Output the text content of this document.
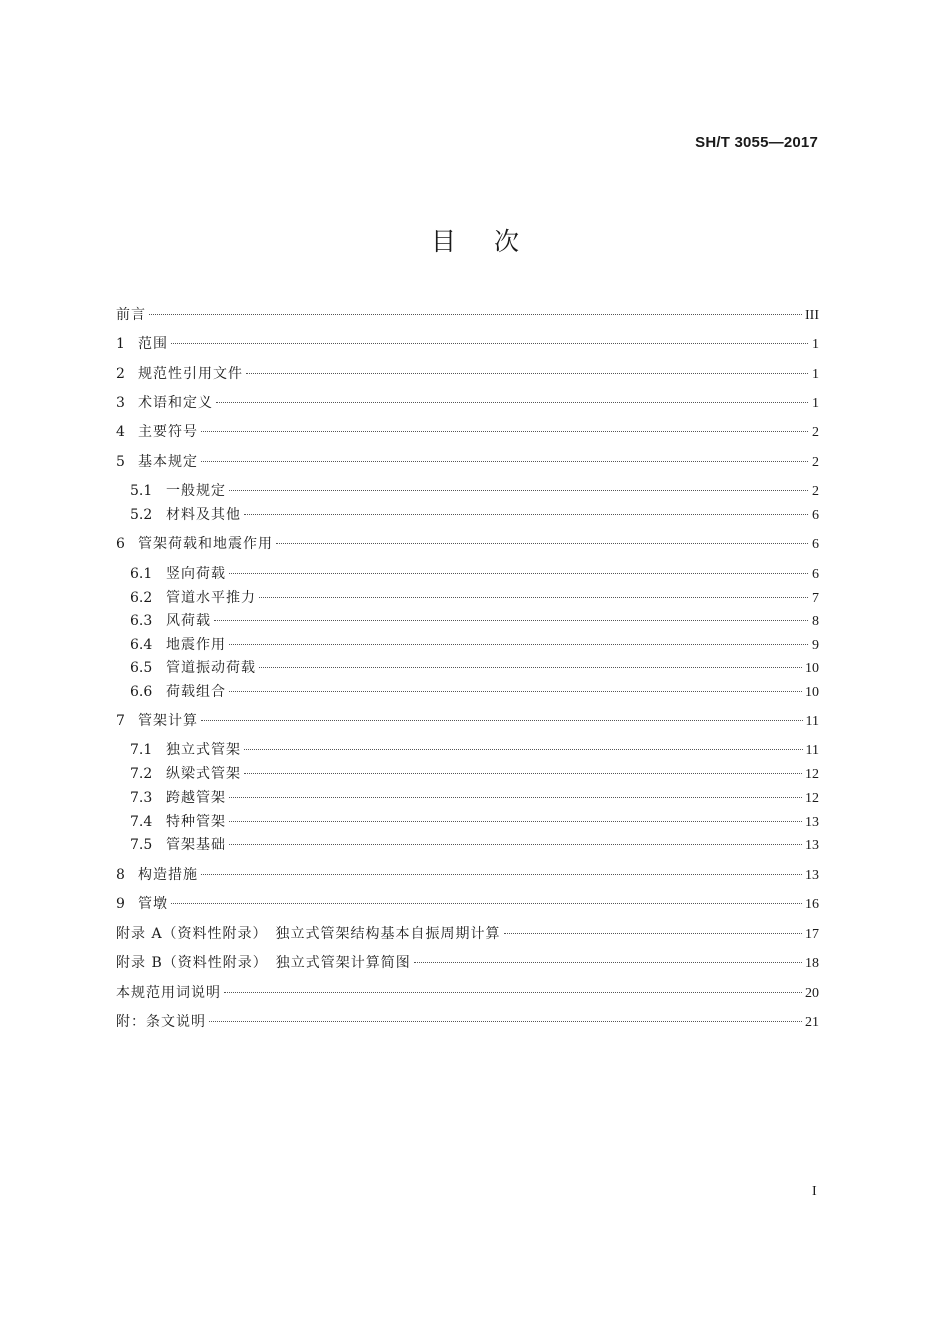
SH/T 3055—2017
目次
前言	III
1 范围	1
2 规范性引用文件	1
3 术语和定义	1
4 主要符号	2
5 基本规定	2
5.1 一般规定	2
5.2 材料及其他	6
6 管架荷载和地震作用	6
6.1 竖向荷载	6
6.2 管道水平推力	7
6.3 风荷载	8
6.4 地震作用	9
6.5 管道振动荷载	10
6.6 荷载组合	10
7 管架计算	11
7.1 独立式管架	11
7.2 纵梁式管架	12
7.3 跨越管架	12
7.4 特种管架	13
7.5 管架基础	13
8 构造措施	13
9 管墩	16
附录 A（资料性附录）　独立式管架结构基本自振周期计算	17
附录 B（资料性附录）　独立式管架计算简图	18
本规范用词说明	20
附：条文说明	21
I
